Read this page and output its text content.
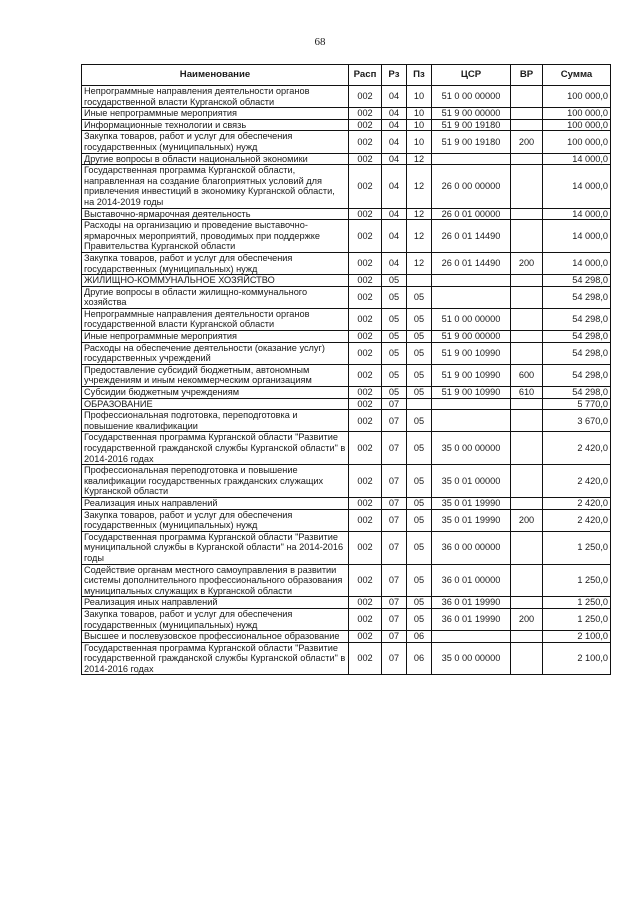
68
Наименование	Расп	Рз	Пз	ЦСР	ВР	Сумма
Непрограммные направления деятельности органов государственной власти Курганской области	002	04	10	51 0 00 00000		100 000,0
Иные непрограммные мероприятия	002	04	10	51 9 00 00000		100 000,0
Информационные технологии и связь	002	04	10	51 9 00 19180		100 000,0
Закупка товаров, работ и услуг для обеспечения государственных (муниципальных) нужд	002	04	10	51 9 00 19180	200	100 000,0
Другие вопросы в области национальной экономики	002	04	12			14 000,0
Государственная программа Курганской области, направленная на создание благоприятных условий для привлечения инвестиций в экономику Курганской области, на 2014-2019 годы	002	04	12	26 0 00 00000		14 000,0
Выставочно-ярмарочная деятельность	002	04	12	26 0 01 00000		14 000,0
Расходы на организацию и проведение выставочно-ярмарочных мероприятий, проводимых при поддержке Правительства Курганской области	002	04	12	26 0 01 14490		14 000,0
Закупка товаров, работ и услуг для обеспечения государственных (муниципальных) нужд	002	04	12	26 0 01 14490	200	14 000,0
ЖИЛИЩНО-КОММУНАЛЬНОЕ ХОЗЯЙСТВО	002	05				54 298,0
Другие вопросы в области жилищно-коммунального хозяйства	002	05	05			54 298,0
Непрограммные направления деятельности органов государственной власти Курганской области	002	05	05	51 0 00 00000		54 298,0
Иные непрограммные мероприятия	002	05	05	51 9 00 00000		54 298,0
Расходы на обеспечение деятельности (оказание услуг) государственных учреждений	002	05	05	51 9 00 10990		54 298,0
Предоставление субсидий бюджетным, автономным учреждениям и иным некоммерческим организациям	002	05	05	51 9 00 10990	600	54 298,0
Субсидии бюджетным учреждениям	002	05	05	51 9 00 10990	610	54 298,0
ОБРАЗОВАНИЕ	002	07				5 770,0
Профессиональная подготовка, переподготовка и повышение квалификации	002	07	05			3 670,0
Государственная программа Курганской области "Развитие государственной гражданской службы Курганской области" в 2014-2016 годах	002	07	05	35 0 00 00000		2 420,0
Профессиональная переподготовка и повышение квалификации государственных гражданских служащих Курганской области	002	07	05	35 0 01 00000		2 420,0
Реализация иных направлений	002	07	05	35 0 01 19990		2 420,0
Закупка товаров, работ и услуг для обеспечения государственных (муниципальных) нужд	002	07	05	35 0 01 19990	200	2 420,0
Государственная программа Курганской области "Развитие муниципальной службы в Курганской области" на 2014-2016 годы	002	07	05	36 0 00 00000		1 250,0
Содействие органам местного самоуправления в развитии системы дополнительного профессионального образования муниципальных служащих в Курганской области	002	07	05	36 0 01 00000		1 250,0
Реализация иных направлений	002	07	05	36 0 01 19990		1 250,0
Закупка товаров, работ и услуг для обеспечения государственных (муниципальных) нужд	002	07	05	36 0 01 19990	200	1 250,0
Высшее и послевузовское профессиональное образование	002	07	06			2 100,0
Государственная программа Курганской области "Развитие государственной гражданской службы Курганской области" в 2014-2016 годах	002	07	06	35 0 00 00000		2 100,0
